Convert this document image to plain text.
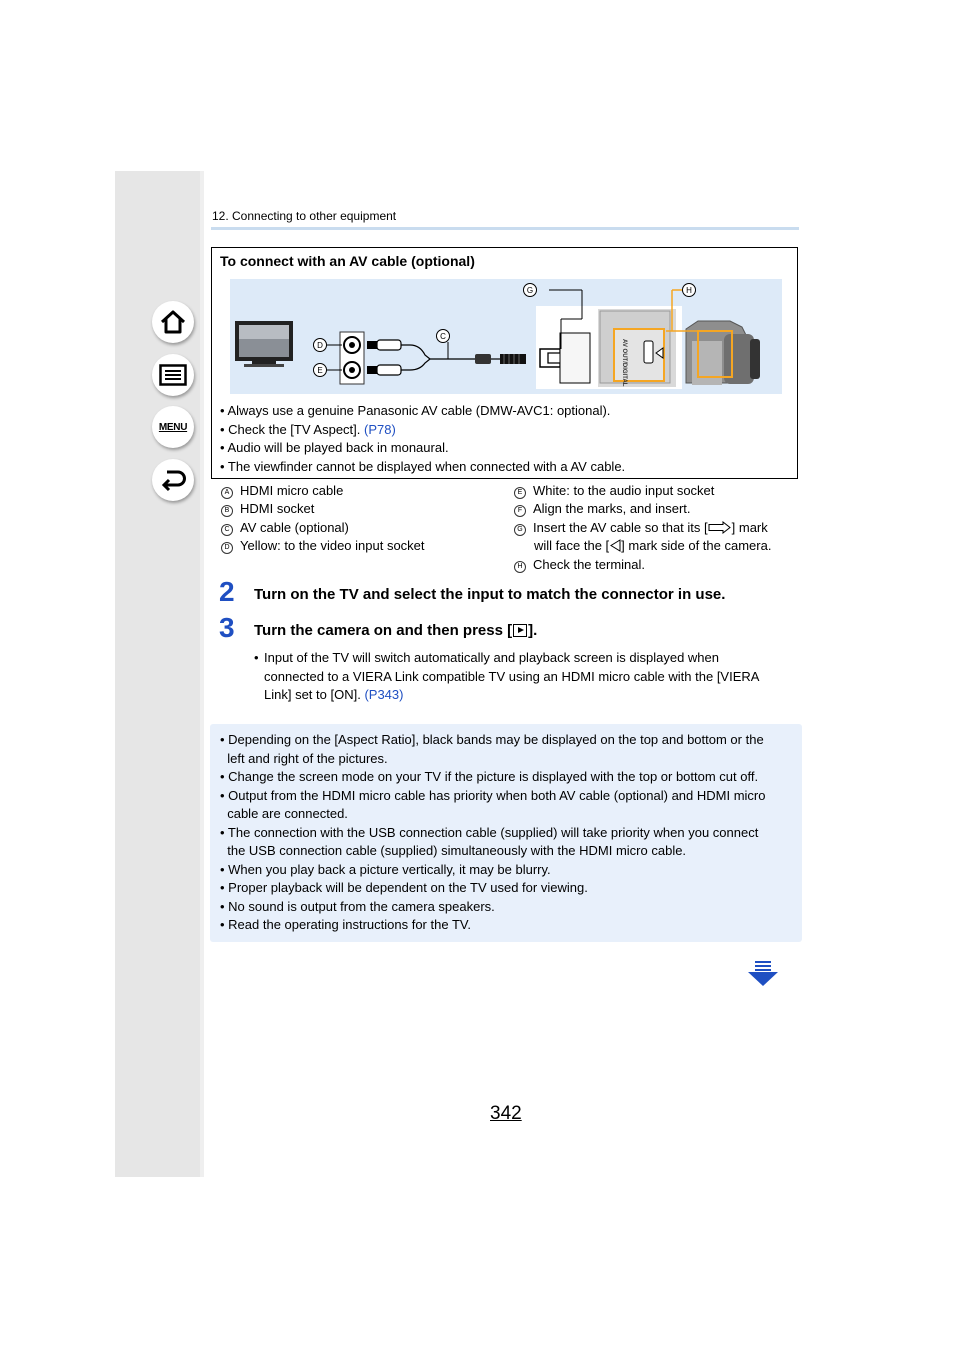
MENU
12. Connecting to other equipment
To connect with an AV cable (optional)
AV OUT/DIGITAL
G	H
C
D
E
• Always use a genuine Panasonic AV cable (DMW-AVC1: optional).
• Check the [TV Aspect]. (P78)
• Audio will be played back in monaural.
• The viewfinder cannot be displayed when connected with a AV cable.
A HDMI micro cable
B HDMI socket
C AV cable (optional)
D Yellow: to the video input socket
E White: to the audio input socket
F Align the marks, and insert.
G Insert the AV cable so that its [ ] mark
will face the [ ] mark side of the camera.
H Check the terminal.
2 Turn on the TV and select the input to match the connector in use.
3 Turn the camera on and then press [ ].
• Input of the TV will switch automatically and playback screen is displayed when
connected to a VIERA Link compatible TV using an HDMI micro cable with the [VIERA
Link] set to [ON]. (P343)
• Depending on the [Aspect Ratio], black bands may be displayed on the top and bottom or the
left and right of the pictures.
• Change the screen mode on your TV if the picture is displayed with the top or bottom cut off.
• Output from the HDMI micro cable has priority when both AV cable (optional) and HDMI micro
cable are connected.
• The connection with the USB connection cable (supplied) will take priority when you connect
the USB connection cable (supplied) simultaneously with the HDMI micro cable.
• When you play back a picture vertically, it may be blurry.
• Proper playback will be dependent on the TV used for viewing.
• No sound is output from the camera speakers.
• Read the operating instructions for the TV.
342
